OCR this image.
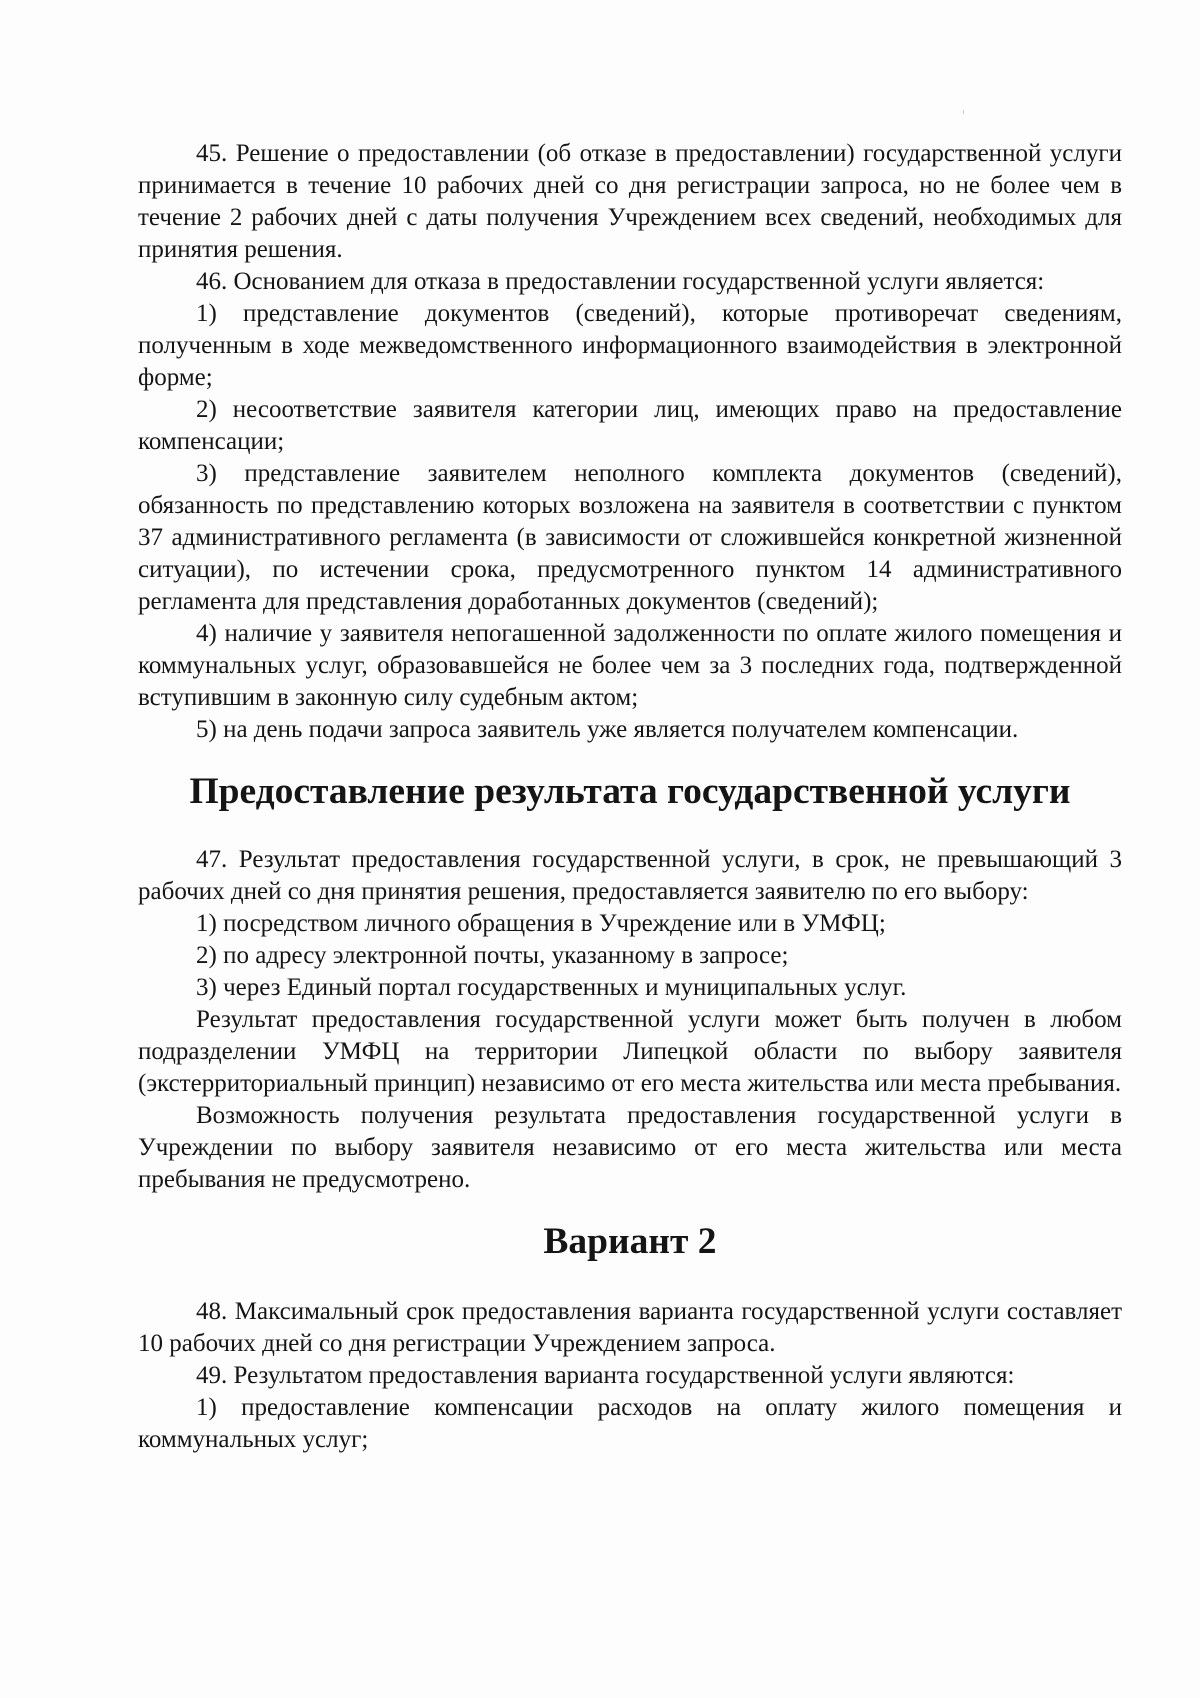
45. Решение о предоставлении (об отказе в предоставлении) государственной услуги принимается в течение 10 рабочих дней со дня регистрации запроса, но не более чем в течение 2 рабочих дней с даты получения Учреждением всех сведений, необходимых для принятия решения.

46. Основанием для отказа в предоставлении государственной услуги является:

1) представление документов (сведений), которые противоречат сведениям, полученным в ходе межведомственного информационного взаимодействия в электронной форме;

2) несоответствие заявителя категории лиц, имеющих право на предоставление компенсации;

3) представление заявителем неполного комплекта документов (сведений), обязанность по представлению которых возложена на заявителя в соответствии с пунктом 37 административного регламента (в зависимости от сложившейся конкретной жизненной ситуации), по истечении срока, предусмотренного пунктом 14 административного регламента для представления доработанных документов (сведений);

4) наличие у заявителя непогашенной задолженности по оплате жилого помещения и коммунальных услуг, образовавшейся не более чем за 3 последних года, подтвержденной вступившим в законную силу судебным актом;

5) на день подачи запроса заявитель уже является получателем компенсации.

Предоставление результата государственной услуги

47. Результат предоставления государственной услуги, в срок, не превышающий 3 рабочих дней со дня принятия решения, предоставляется заявителю по его выбору:

1) посредством личного обращения в Учреждение или в УМФЦ;

2) по адресу электронной почты, указанному в запросе;

3) через Единый портал государственных и муниципальных услуг.

Результат предоставления государственной услуги может быть получен в любом подразделении УМФЦ на территории Липецкой области по выбору заявителя (экстерриториальный принцип) независимо от его места жительства или места пребывания.

Возможность получения результата предоставления государственной услуги в Учреждении по выбору заявителя независимо от его места жительства или места пребывания не предусмотрено.

Вариант 2

48. Максимальный срок предоставления варианта государственной услуги составляет 10 рабочих дней со дня регистрации Учреждением запроса.

49. Результатом предоставления варианта государственной услуги являются:

1) предоставление компенсации расходов на оплату жилого помещения и коммунальных услуг;
